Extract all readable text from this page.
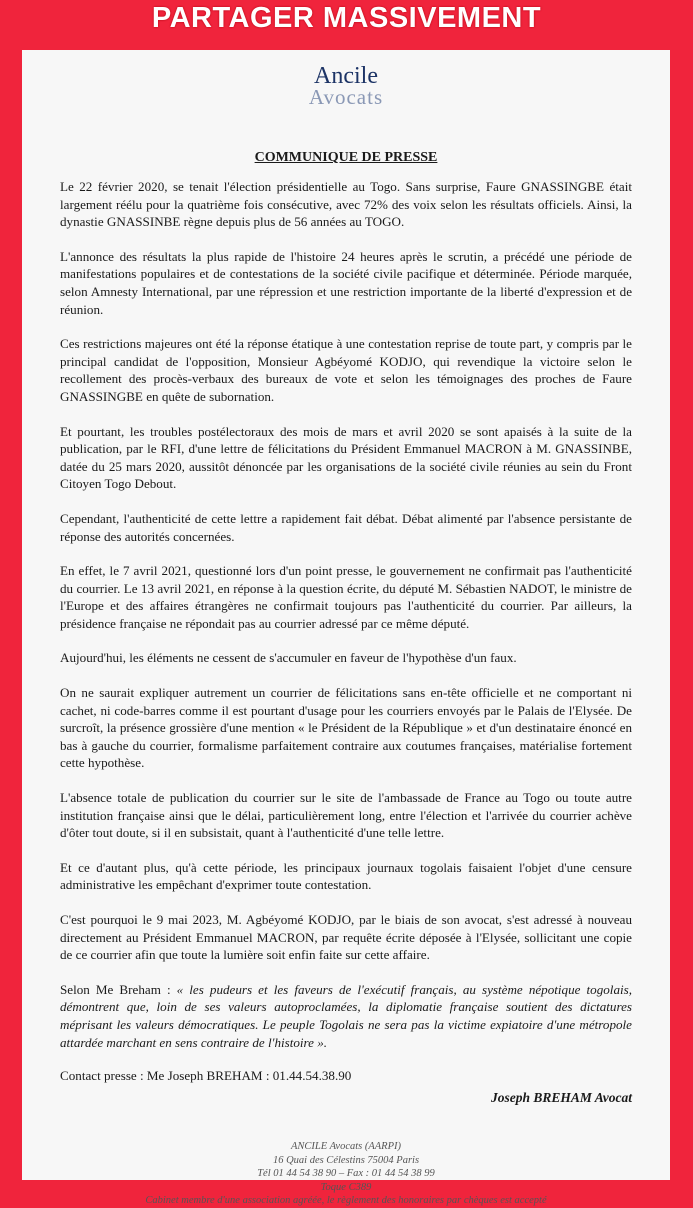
PARTAGER MASSIVEMENT
Ancile
Avocats
COMMUNIQUE DE PRESSE

Le 22 février 2020, se tenait l'élection présidentielle au Togo. Sans surprise, Faure GNASSINGBE était largement réélu pour la quatrième fois consécutive, avec 72% des voix selon les résultats officiels. Ainsi, la dynastie GNASSINBE règne depuis plus de 56 années au TOGO.

L'annonce des résultats la plus rapide de l'histoire 24 heures après le scrutin, a précédé une période de manifestations populaires et de contestations de la société civile pacifique et déterminée. Période marquée, selon Amnesty International, par une répression et une restriction importante de la liberté d'expression et de réunion.

Ces restrictions majeures ont été la réponse étatique à une contestation reprise de toute part, y compris par le principal candidat de l'opposition, Monsieur Agbéyomé KODJO, qui revendique la victoire selon le recollement des procès-verbaux des bureaux de vote et selon les témoignages des proches de Faure GNASSINGBE en quête de subornation.

Et pourtant, les troubles postélectoraux des mois de mars et avril 2020 se sont apaisés à la suite de la publication, par le RFI, d'une lettre de félicitations du Président Emmanuel MACRON à M. GNASSINBE, datée du 25 mars 2020, aussitôt dénoncée par les organisations de la société civile réunies au sein du Front Citoyen Togo Debout.

Cependant, l'authenticité de cette lettre a rapidement fait débat. Débat alimenté par l'absence persistante de réponse des autorités concernées.

En effet, le 7 avril 2021, questionné lors d'un point presse, le gouvernement ne confirmait pas l'authenticité du courrier. Le 13 avril 2021, en réponse à la question écrite, du député M. Sébastien NADOT, le ministre de l'Europe et des affaires étrangères ne confirmait toujours pas l'authenticité du courrier. Par ailleurs, la présidence française ne répondait pas au courrier adressé par ce même député.

Aujourd'hui, les éléments ne cessent de s'accumuler en faveur de l'hypothèse d'un faux.

On ne saurait expliquer autrement un courrier de félicitations sans en-tête officielle et ne comportant ni cachet, ni code-barres comme il est pourtant d'usage pour les courriers envoyés par le Palais de l'Elysée. De surcroît, la présence grossière d'une mention « le Président de la République » et d'un destinataire énoncé en bas à gauche du courrier, formalisme parfaitement contraire aux coutumes françaises, matérialise fortement cette hypothèse.

L'absence totale de publication du courrier sur le site de l'ambassade de France au Togo ou toute autre institution française ainsi que le délai, particulièrement long, entre l'élection et l'arrivée du courrier achève d'ôter tout doute, si il en subsistait, quant à l'authenticité d'une telle lettre.

Et ce d'autant plus, qu'à cette période, les principaux journaux togolais faisaient l'objet d'une censure administrative les empêchant d'exprimer toute contestation.

C'est pourquoi le 9 mai 2023, M. Agbéyomé KODJO, par le biais de son avocat, s'est adressé à nouveau directement au Président Emmanuel MACRON, par requête écrite déposée à l'Elysée, sollicitant une copie de ce courrier afin que toute la lumière soit enfin faite sur cette affaire.

Selon Me Breham : « les pudeurs et les faveurs de l'exécutif français, au système népotique togolais, démontrent que, loin de ses valeurs autoproclamées, la diplomatie française soutient des dictatures méprisant les valeurs démocratiques. Le peuple Togolais ne sera pas la victime expiatoire d'une métropole attardée marchant en sens contraire de l'histoire ».

Contact presse : Me Joseph BREHAM : 01.44.54.38.90
Joseph BREHAM Avocat
ANCILE Avocats (AARPI)
16 Quai des Célestins 75004 Paris
Tél 01 44 54 38 90 – Fax : 01 44 54 38 99
Toque C389
Cabinet membre d'une association agréée, le règlement des honoraires par chèques est accepté
